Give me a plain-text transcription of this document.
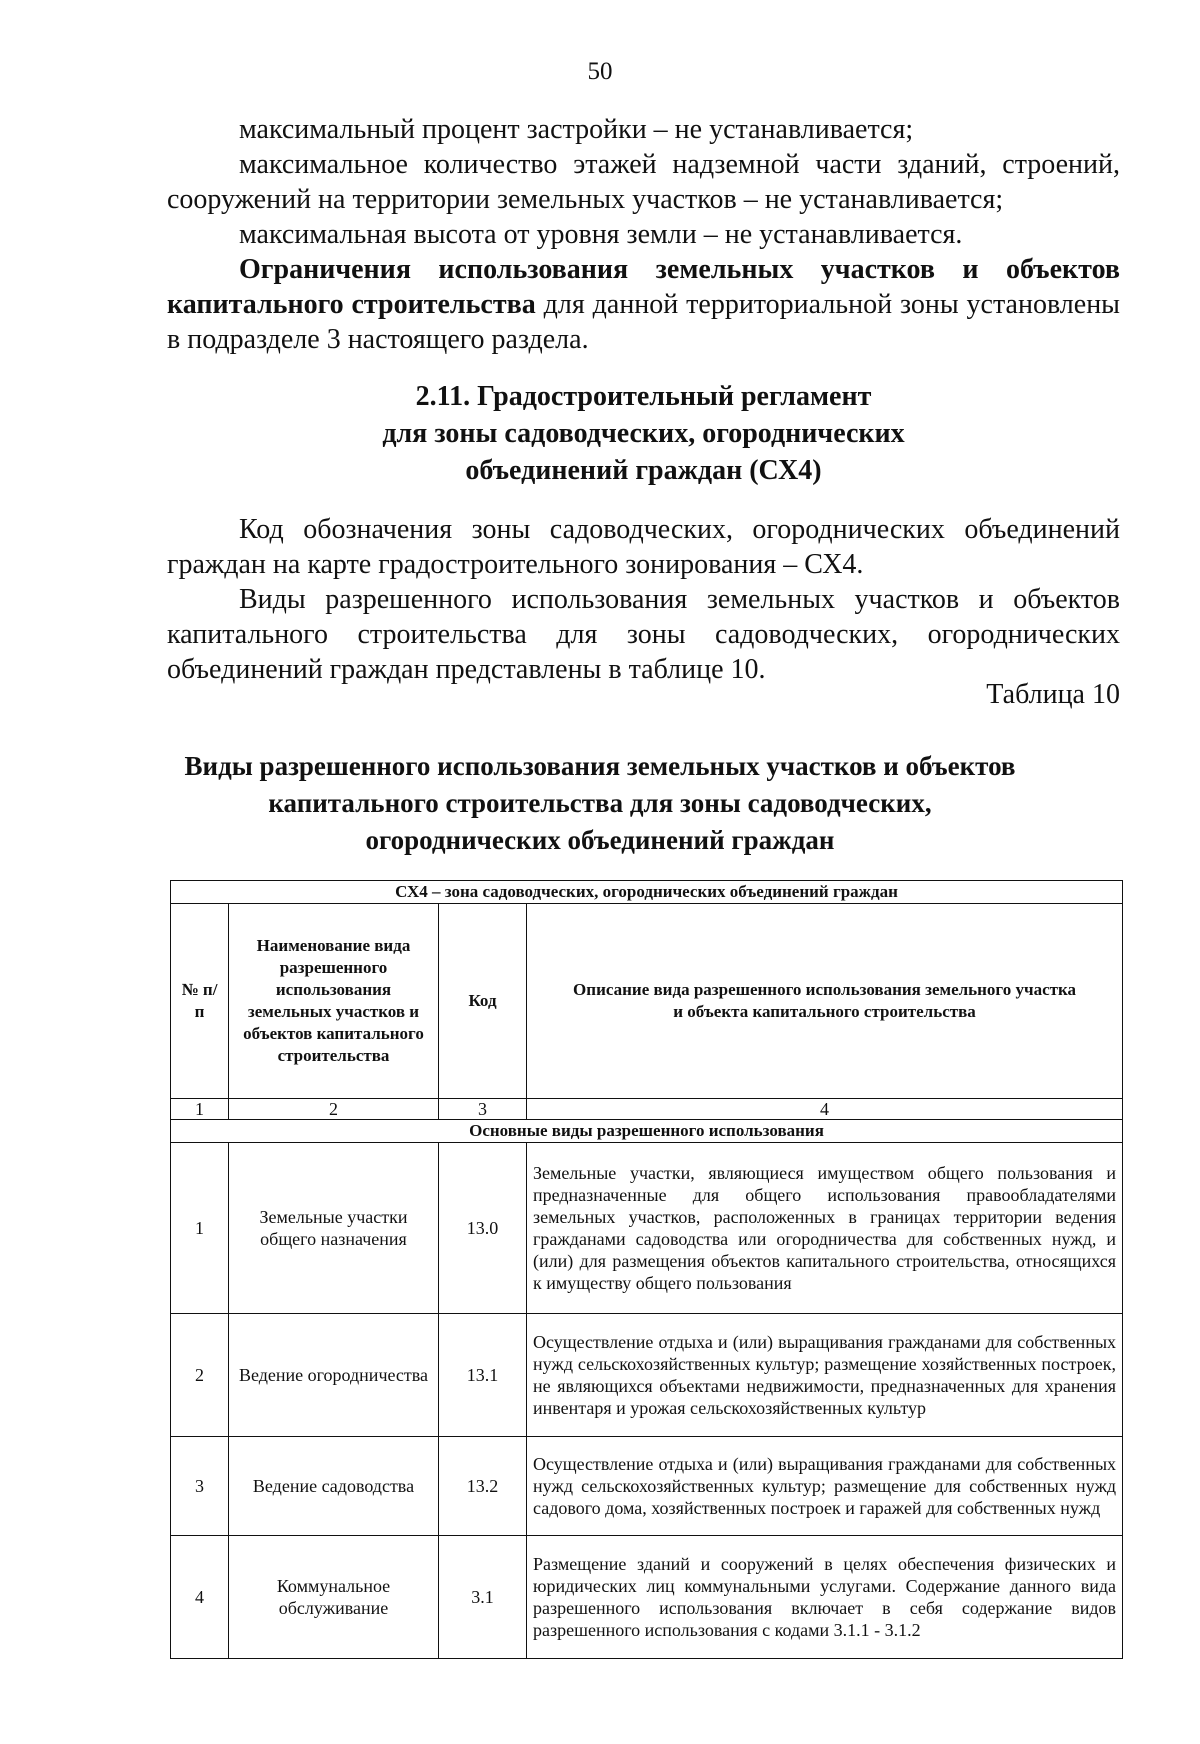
50

максимальный процент застройки – не устанавливается;

максимальное количество этажей надземной части зданий, строений, сооружений на территории земельных участков – не устанавливается;

максимальная высота от уровня земли – не устанавливается.

Ограничения использования земельных участков и объектов капитального строительства для данной территориальной зоны установлены в подразделе 3 настоящего раздела.

2.11. Градостроительный регламент
для зоны садоводческих, огороднических
объединений граждан (СХ4)

Код обозначения зоны садоводческих, огороднических объединений граждан на карте градостроительного зонирования – СХ4.

Виды разрешенного использования земельных участков и объектов капитального строительства для зоны садоводческих, огороднических объединений граждан представлены в таблице 10.

Таблица 10
Виды разрешенного использования земельных участков и объектов
капитального строительства для зоны садоводческих,
огороднических объединений граждан
СХ4 – зона садоводческих, огороднических объединений граждан			
№ п/п	Наименование вида разрешенного использования земельных участков и объектов капитального строительства	Код	Описание вида разрешенного использования земельного участка и объекта капитального строительства
1	2	3	4
Основные виды разрешенного использования			
1	Земельные участки общего назначения	13.0	Земельные участки, являющиеся имуществом общего пользования и предназначенные для общего использования правообладателями земельных участков, расположенных в границах территории ведения гражданами садоводства или огородничества для собственных нужд, и (или) для размещения объектов капитального строительства, относящихся к имуществу общего пользования
2	Ведение огородничества	13.1	Осуществление отдыха и (или) выращивания гражданами для собственных нужд сельскохозяйственных культур; размещение хозяйственных построек, не являющихся объектами недвижимости, предназначенных для хранения инвентаря и урожая сельскохозяйственных культур
3	Ведение садоводства	13.2	Осуществление отдыха и (или) выращивания гражданами для собственных нужд сельскохозяйственных культур; размещение для собственных нужд садового дома, хозяйственных построек и гаражей для собственных нужд
4	Коммунальное обслуживание	3.1	Размещение зданий и сооружений в целях обеспечения физических и юридических лиц коммунальными услугами. Содержание данного вида разрешенного использования включает в себя содержание видов разрешенного использования с кодами 3.1.1 - 3.1.2
